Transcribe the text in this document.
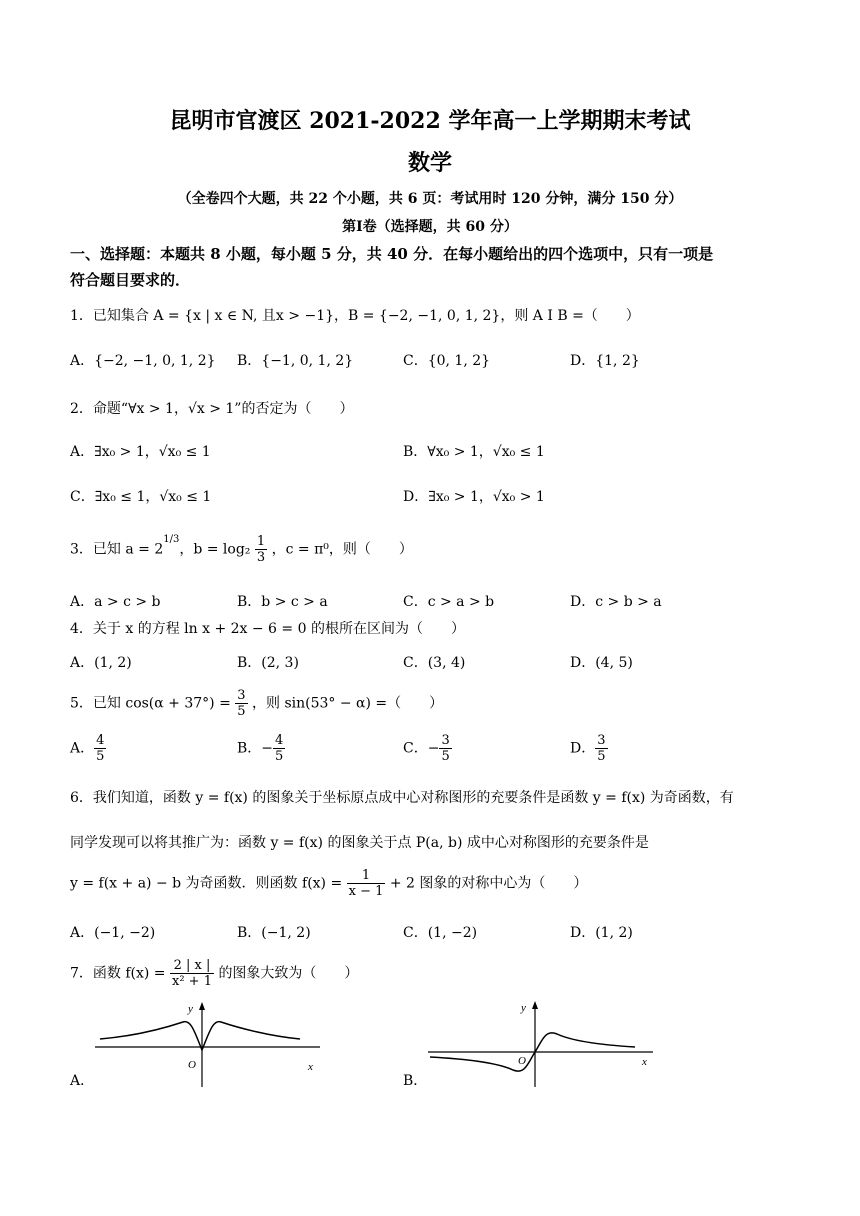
昆明市官渡区 2021-2022 学年高一上学期期末考试
数学
（全卷四个大题，共 22 个小题，共 6 页：考试用时 120 分钟，满分 150 分）
第Ⅰ卷（选择题，共 60 分）
一、选择题：本题共 8 小题，每小题 5 分，共 40 分．在每小题给出的四个选项中，只有一项是
符合题目要求的．
1．已知集合 A = {x | x ∈ N, 且x > −1}，B = {−2, −1, 0, 1, 2}，则 A I B =（　　）
A．{−2, −1, 0, 1, 2} B．{−1, 0, 1, 2}	C．{0, 1, 2}	D．{1, 2}
2．命题“∀x > 1，√x > 1”的否定为（　　）
A．∃x₀ > 1，√x₀ ≤ 1	B．∀x₀ > 1，√x₀ ≤ 1
C．∃x₀ ≤ 1，√x₀ ≤ 1	D．∃x₀ > 1，√x₀ > 1
3．已知 $a = 2^{1/3}$，$b = \log_2 \frac{1}{3}$ ，c = π⁰，则（　　）
A．a > c > b	B．b > c > a	C．c > a > b	D．c > b > a
4．关于 x 的方程 ln x + 2x − 6 = 0 的根所在区间为（　　）
A．(1, 2)	B．(2, 3)	C．(3, 4)	D．(4, 5)
5．已知 $\cos(\alpha + 37^\circ) = \frac{3}{5}$ ，则 sin(53° − α) =（　　）
A． $\frac{4}{5}$	B．− $\frac{4}{5}$	C．− $\frac{3}{5}$	D． $\frac{3}{5}$
6．我们知道，函数 y = f(x) 的图象关于坐标原点成中心对称图形的充要条件是函数 y = f(x) 为奇函数，有
同学发现可以将其推广为：函数 y = f(x) 的图象关于点 P(a, b) 成中心对称图形的充要条件是
y = f(x + a) − b 为奇函数．则函数 $f(x) = \frac{1}{x - 1} + 2$ 图象的对称中心为（　　）
A．(−1, −2)	B．(−1, 2)	C．(1, −2)	D．(1, 2)
7．函数 $f(x) = \frac{2 | x |}{\text{x² + 1}}$ 的图象大致为（　　）
A．	B．
y
O	x
y
O	x
